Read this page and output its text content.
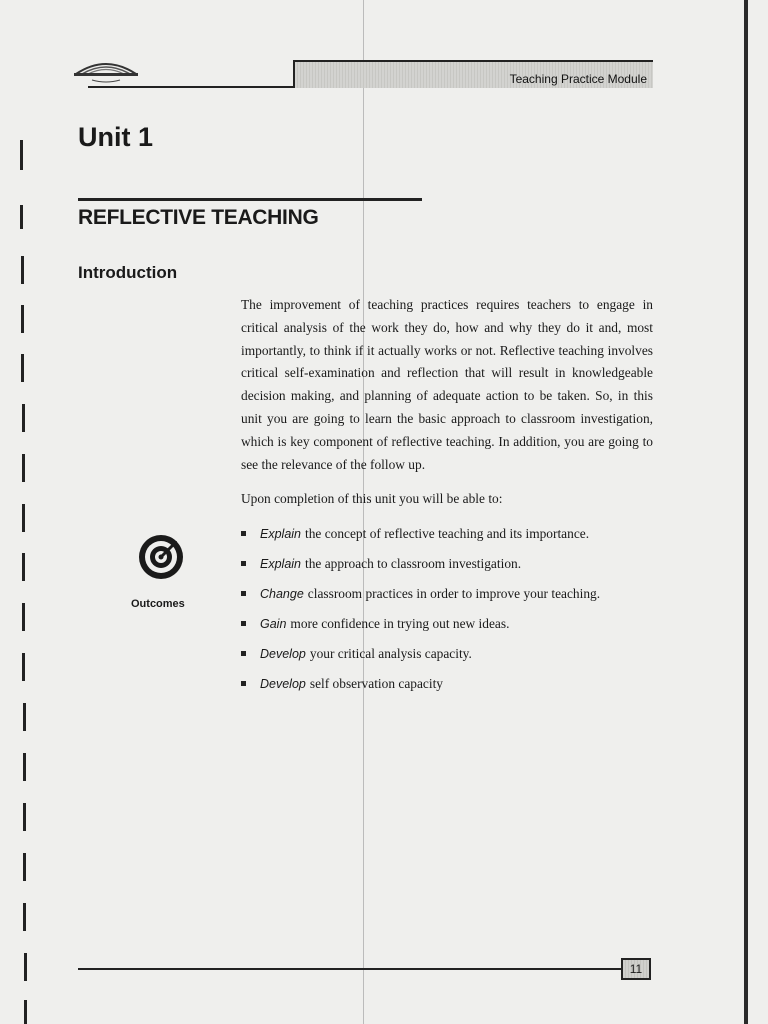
Teaching Practice Module
Unit 1
REFLECTIVE TEACHING
Introduction
The improvement of teaching practices requires teachers to engage in critical analysis of the work they do, how and why they do it and, most importantly, to think if it actually works or not. Reflective teaching involves critical self-examination and reflection that will result in knowledgeable decision making, and planning of adequate action to be taken. So, in this unit you are going to learn the basic approach to classroom investigation, which is key component of reflective teaching. In addition, you are going to see the relevance of the follow up.
Upon completion of this unit you will be able to:
Outcomes
Explain the concept of reflective teaching and its importance.
Explain the approach to classroom investigation.
Change classroom practices in order to improve your teaching.
Gain more confidence in trying out new ideas.
Develop your critical analysis capacity.
Develop self observation capacity
11
